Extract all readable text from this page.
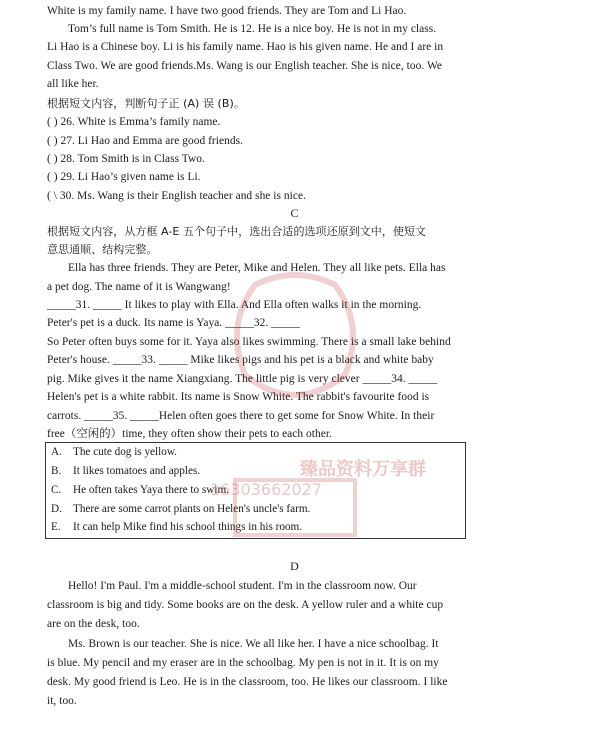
White is my family name. I have two good friends. They are Tom and Li Hao.
Tom’s full name is Tom Smith. He is 12. He is a nice boy. He is not in my class.
Li Hao is a Chinese boy. Li is his family name. Hao is his given name. He and I are in
Class Two. We are good friends.Ms. Wang is our English teacher. She is nice, too. We
all like her.
根据短文内容，判断句子正 (A) 误 (B)。
( ) 26. White is Emma’s family name.
( ) 27. Li Hao and Emma are good friends.
( ) 28. Tom Smith is in Class Two.
( ) 29. Li Hao’s given name is Li.
( \ 30. Ms. Wang is their English teacher and she is nice.
C
根据短文内容，从方框 A-E 五个句子中，选出合适的选项还原到文中，使短文
意思通顺、结构完整。
Ella has three friends. They are Peter, Mike and Helen. They all like pets. Ella has
a pet dog. The name of it is Wangwang!
_____31. _____ It likes to play with Ella. And Ella often walks it in the morning.
Peter's pet is a duck. Its name is Yaya. _____32. _____
So Peter often buys some for it. Yaya also likes swimming. There is a small lake behind
Peter's house. _____33. _____ Mike likes pigs and his pet is a black and white baby
pig. Mike gives it the name Xiangxiang. The little pig is very clever _____34. _____
Helen's pet is a white rabbit. Its name is Snow White. The rabbit's favourite food is
carrots. _____35. _____Helen often goes there to get some for Snow White. In their
free（空闲的）time, they often show their pets to each other.
A. The cute dog is yellow.
B. It likes tomatoes and apples.
C. He often takes Yaya there to swim.
D. There are some carrot plants on Helen's uncle's farm.
E. It can help Mike find his school things in his room.
D
Hello! I'm Paul. I'm a middle-school student. I'm in the classroom now. Our
classroom is big and tidy. Some books are on the desk. A yellow ruler and a white cup
are on the desk, too.
Ms. Brown is our teacher. She is nice. We all like her. I have a nice schoolbag. It
is blue. My pencil and my eraser are in the schoolbag. My pen is not in it. It is on my
desk. My good friend is Leo. He is in the classroom, too. He likes our classroom. I like
it, too.
臻品资料万享群
16303662027
